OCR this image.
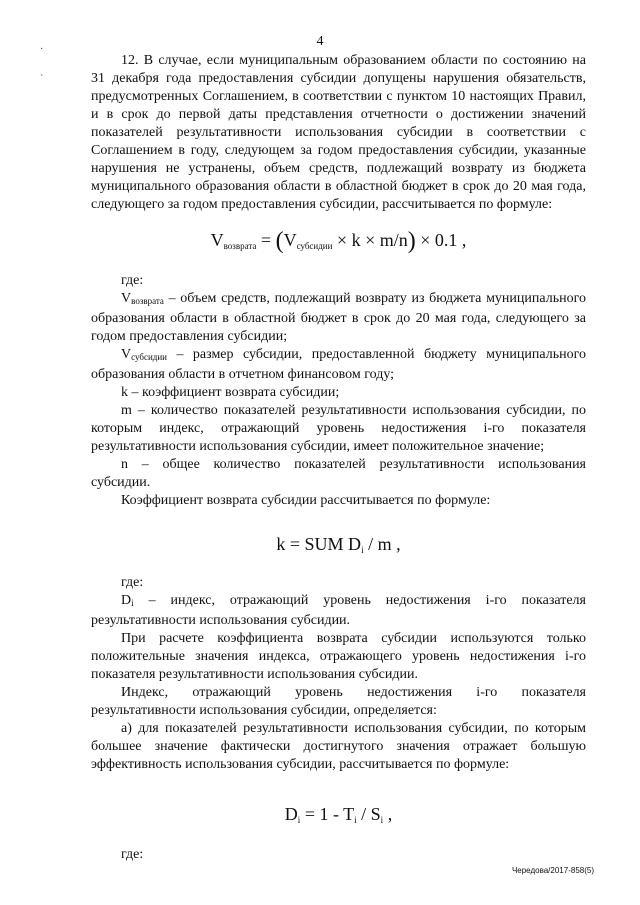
·
`
4

12. В случае, если муниципальным образованием области по состоянию на 31 декабря года предоставления субсидии допущены нарушения обязательств, предусмотренных Соглашением, в соответствии с пунктом 10 настоящих Правил, и в срок до первой даты представления отчетности о достижении значений показателей результативности использования субсидии в соответствии с Соглашением в году, следующем за годом предоставления субсидии, указанные нарушения не устранены, объем средств, подлежащий возврату из бюджета муниципального образования области в областной бюджет в срок до 20 мая года, следующего за годом предоставления субсидии, рассчитывается по формуле:

$V_{возврата} = (V_{субсидии} \times k \times m/n) \times 0.1$ ,

где:

Vвозврата – объем средств, подлежащий возврату из бюджета муниципального образования области в областной бюджет в срок до 20 мая года, следующего за годом предоставления субсидии;

Vсубсидии – размер субсидии, предоставленной бюджету муниципального образования области в отчетном финансовом году;

k – коэффициент возврата субсидии;

m – количество показателей результативности использования субсидии, по которым индекс, отражающий уровень недостижения i-го показателя результативности использования субсидии, имеет положительное значение;

n – общее количество показателей результативности использования субсидии.

Коэффициент возврата субсидии рассчитывается по формуле:

k = SUM $D_i$ / m ,

где:

Di – индекс, отражающий уровень недостижения i-го показателя результативности использования субсидии.

При расчете коэффициента возврата субсидии используются только положительные значения индекса, отражающего уровень недостижения i-го показателя результативности использования субсидии.

Индекс, отражающий уровень недостижения i-го показателя результативности использования субсидии, определяется:

а) для показателей результативности использования субсидии, по которым большее значение фактически достигнутого значения отражает большую эффективность использования субсидии, рассчитывается по формуле:

$D_i = 1 - T_i / S_i$ ,

где:

Чередова/2017-858(5)
